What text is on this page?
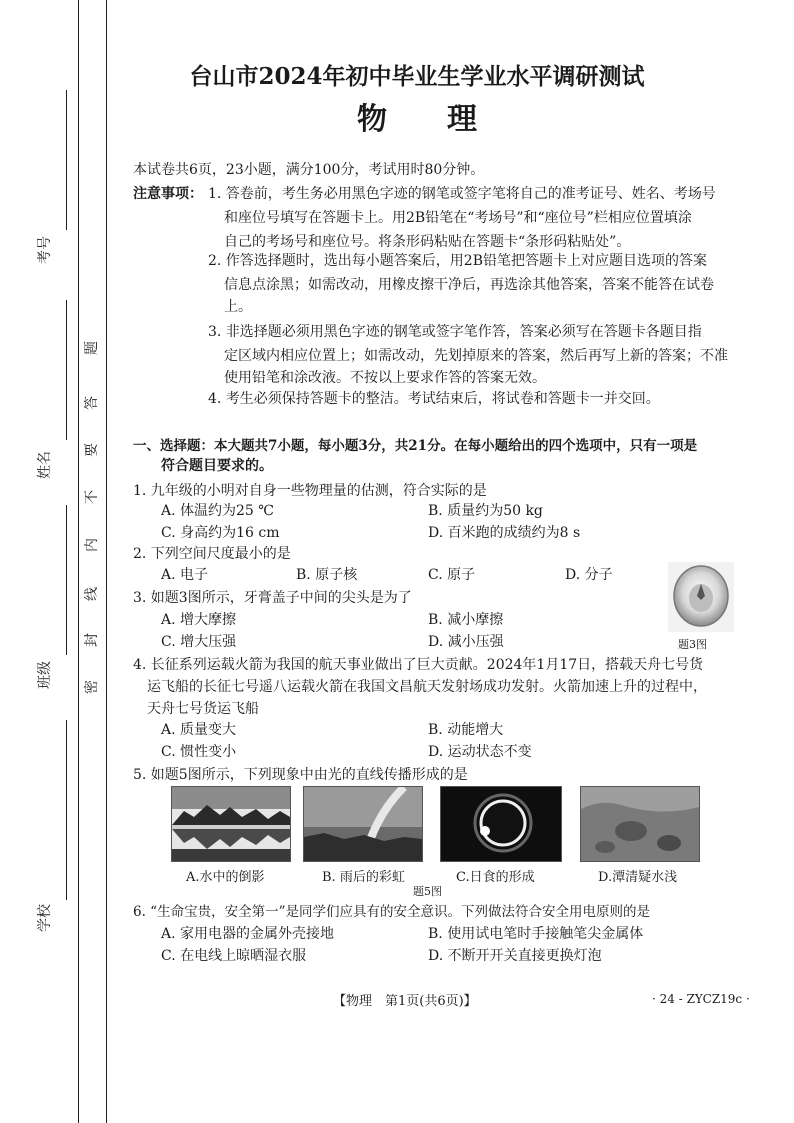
考号
姓名
班级
学校
题
答
要
不
内
线
封
密
台山市2024年初中毕业生学业水平调研测试
物　　理
本试卷共6页，23小题，满分100分，考试用时80分钟。
注意事项： 1. 答卷前，考生务必用黑色字迹的钢笔或签字笔将自己的准考证号、姓名、考场号
和座位号填写在答题卡上。用2B铅笔在“考场号”和“座位号”栏相应位置填涂
自己的考场号和座位号。将条形码粘贴在答题卡“条形码粘贴处”。
2. 作答选择题时，选出每小题答案后，用2B铅笔把答题卡上对应题目选项的答案
信息点涂黑；如需改动，用橡皮擦干净后，再选涂其他答案，答案不能答在试卷
上。
3. 非选择题必须用黑色字迹的钢笔或签字笔作答，答案必须写在答题卡各题目指
定区域内相应位置上；如需改动，先划掉原来的答案，然后再写上新的答案；不准
使用铅笔和涂改液。不按以上要求作答的答案无效。
4. 考生必须保持答题卡的整洁。考试结束后，将试卷和答题卡一并交回。
一、选择题：本大题共7小题，每小题3分，共21分。在每小题给出的四个选项中，只有一项是
符合题目要求的。
1. 九年级的小明对自身一些物理量的估测，符合实际的是
A. 体温约为25 ℃	B. 质量约为50 kg
C. 身高约为16 cm	D. 百米跑的成绩约为8 s
2. 下列空间尺度最小的是
A. 电子	B. 原子核	C. 原子	D. 分子
3. 如题3图所示，牙膏盖子中间的尖头是为了
A. 增大摩擦	B. 减小摩擦
C. 增大压强	D. 减小压强	题3图
4. 长征系列运载火箭为我国的航天事业做出了巨大贡献。2024年1月17日，搭载天舟七号货
运飞船的长征七号遥八运载火箭在我国文昌航天发射场成功发射。火箭加速上升的过程中，
天舟七号货运飞船
A. 质量变大	B. 动能增大
C. 惯性变小	D. 运动状态不变
5. 如题5图所示，下列现象中由光的直线传播形成的是
A.水中的倒影	B. 雨后的彩虹	C.日食的形成	D.潭清疑水浅
题5图
6. “生命宝贵，安全第一”是同学们应具有的安全意识。下列做法符合安全用电原则的是
A. 家用电器的金属外壳接地	B. 使用试电笔时手接触笔尖金属体
C. 在电线上晾晒湿衣服	D. 不断开开关直接更换灯泡
【物理　第1页(共6页)】	· 24 - ZYCZ19c ·
